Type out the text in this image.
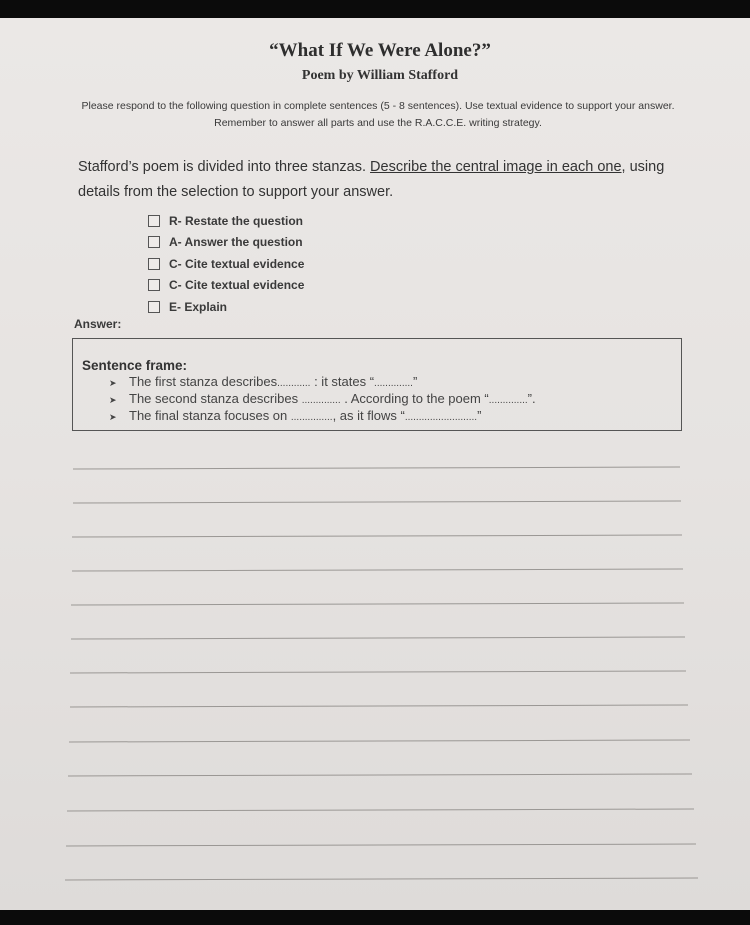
“What If We Were Alone?”
Poem by William Stafford
Please respond to the following question in complete sentences (5 - 8 sentences). Use textual evidence to support your answer. Remember to answer all parts and use the R.A.C.C.E. writing strategy.
Stafford’s poem is divided into three stanzas. Describe the central image in each one, using details from the selection to support your answer.
R- Restate the question
A- Answer the question
C- Cite textual evidence
C- Cite textual evidence
E- Explain
Answer:
Sentence frame:
➤ The first stanza describes............ : it states “..............”
➤ The second stanza describes .............. . According to the poem “..............”.
➤ The final stanza focuses on ..............., as it flows “..........................”
